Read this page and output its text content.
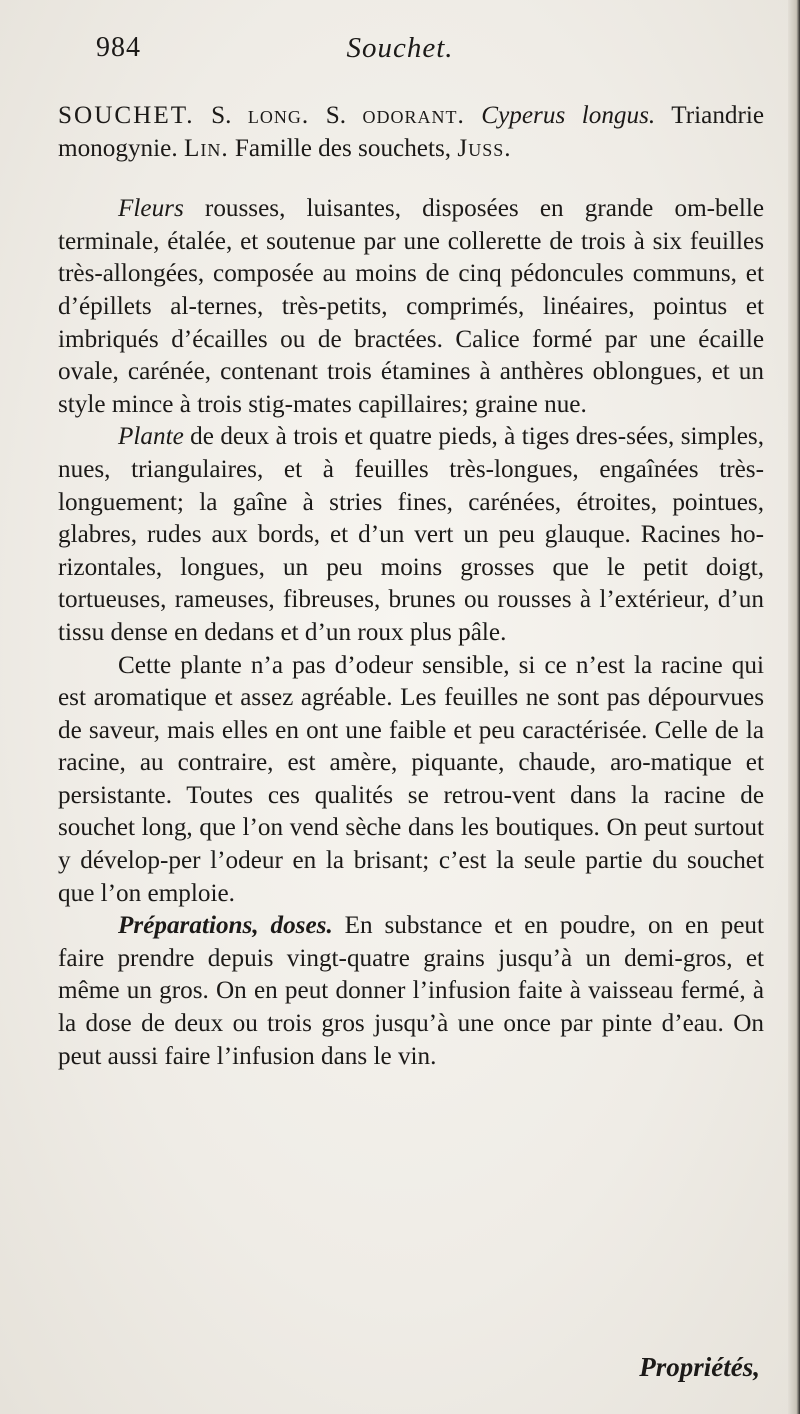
984	Souchet.

SOUCHET. S. long. S. odorant. Cyperus longus. Triandrie monogynie. Lin. Famille des souchets, Juss.

Fleurs rousses, luisantes, disposées en grande om-belle terminale, étalée, et soutenue par une collerette de trois à six feuilles très-allongées, composée au moins de cinq pédoncules communs, et d’épillets al-ternes, très-petits, comprimés, linéaires, pointus et imbriqués d’écailles ou de bractées. Calice formé par une écaille ovale, carénée, contenant trois étamines à anthères oblongues, et un style mince à trois stig-mates capillaires; graine nue.

Plante de deux à trois et quatre pieds, à tiges dres-sées, simples, nues, triangulaires, et à feuilles très-longues, engaînées très-longuement; la gaîne à stries fines, carénées, étroites, pointues, glabres, rudes aux bords, et d’un vert un peu glauque. Racines ho-rizontales, longues, un peu moins grosses que le petit doigt, tortueuses, rameuses, fibreuses, brunes ou rousses à l’extérieur, d’un tissu dense en dedans et d’un roux plus pâle.

Cette plante n’a pas d’odeur sensible, si ce n’est la racine qui est aromatique et assez agréable. Les feuilles ne sont pas dépourvues de saveur, mais elles en ont une faible et peu caractérisée. Celle de la racine, au contraire, est amère, piquante, chaude, aro-matique et persistante. Toutes ces qualités se retrou-vent dans la racine de souchet long, que l’on vend sèche dans les boutiques. On peut surtout y dévelop-per l’odeur en la brisant; c’est la seule partie du souchet que l’on emploie.

Préparations, doses. En substance et en poudre, on en peut faire prendre depuis vingt-quatre grains jusqu’à un demi-gros, et même un gros. On en peut donner l’infusion faite à vaisseau fermé, à la dose de deux ou trois gros jusqu’à une once par pinte d’eau. On peut aussi faire l’infusion dans le vin.

Propriétés,
